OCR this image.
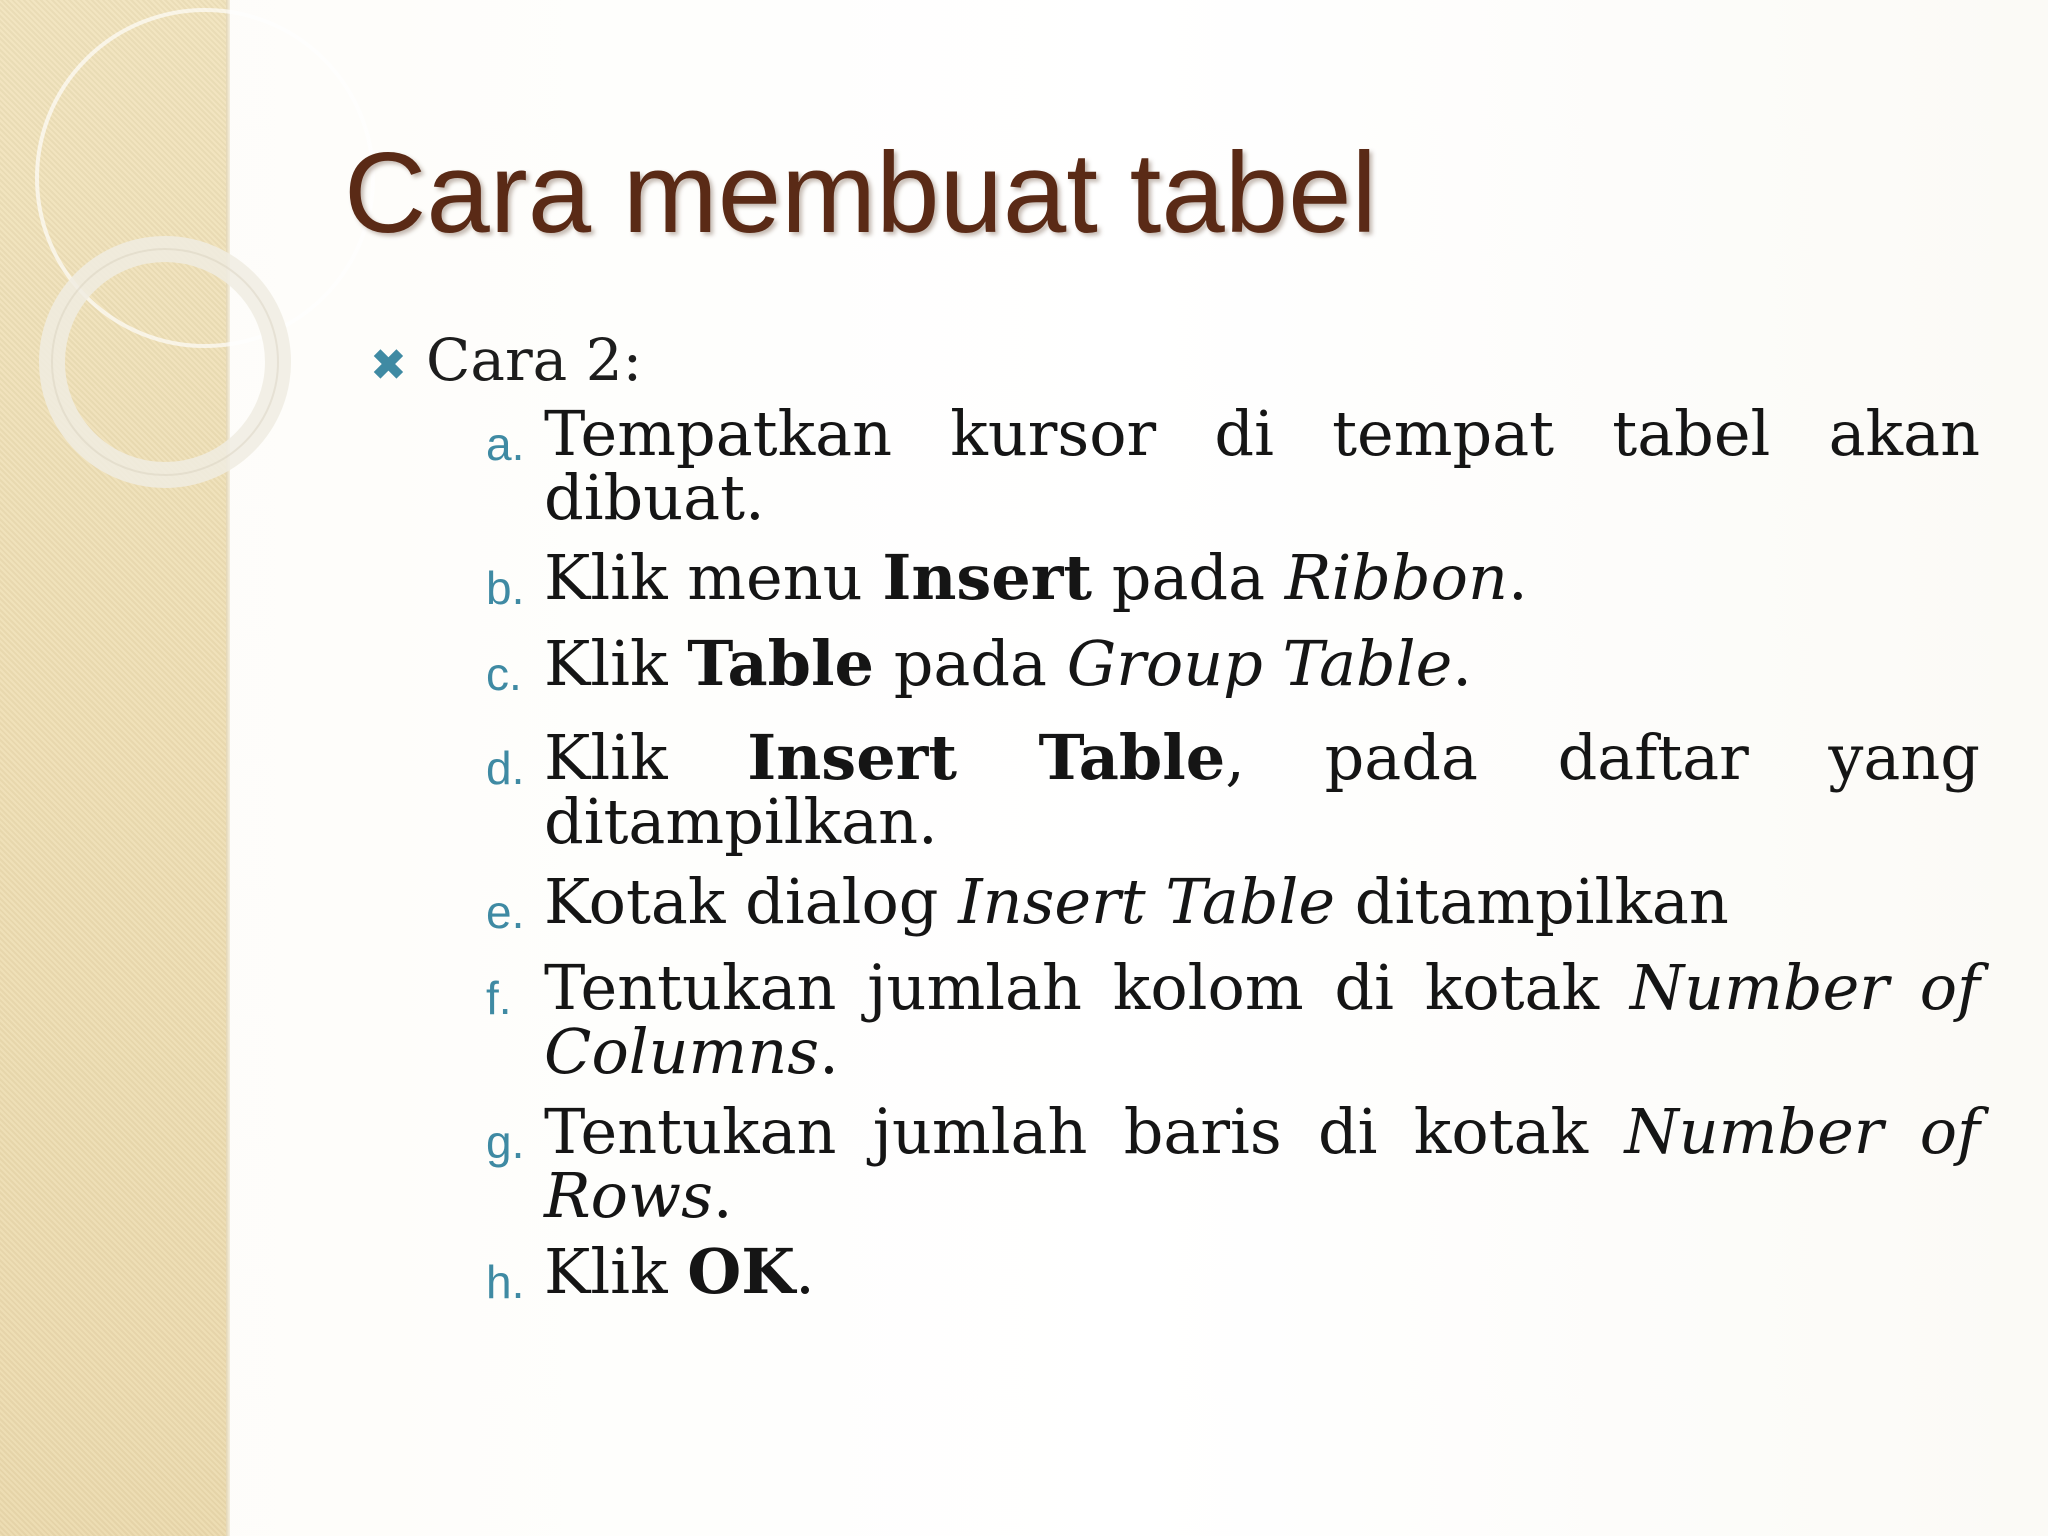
Cara membuat tabel
✖ Cara 2:
a. Tempatkan kursor di tempat tabel akan dibuat.
b. Klik menu Insert pada Ribbon.
c. Klik Table pada Group Table.
d. Klik Insert Table, pada daftar yang ditampilkan.
e. Kotak dialog Insert Table ditampilkan
f. Tentukan jumlah kolom di kotak Number of Columns.
g. Tentukan jumlah baris di kotak Number of Rows.
h. Klik OK.
